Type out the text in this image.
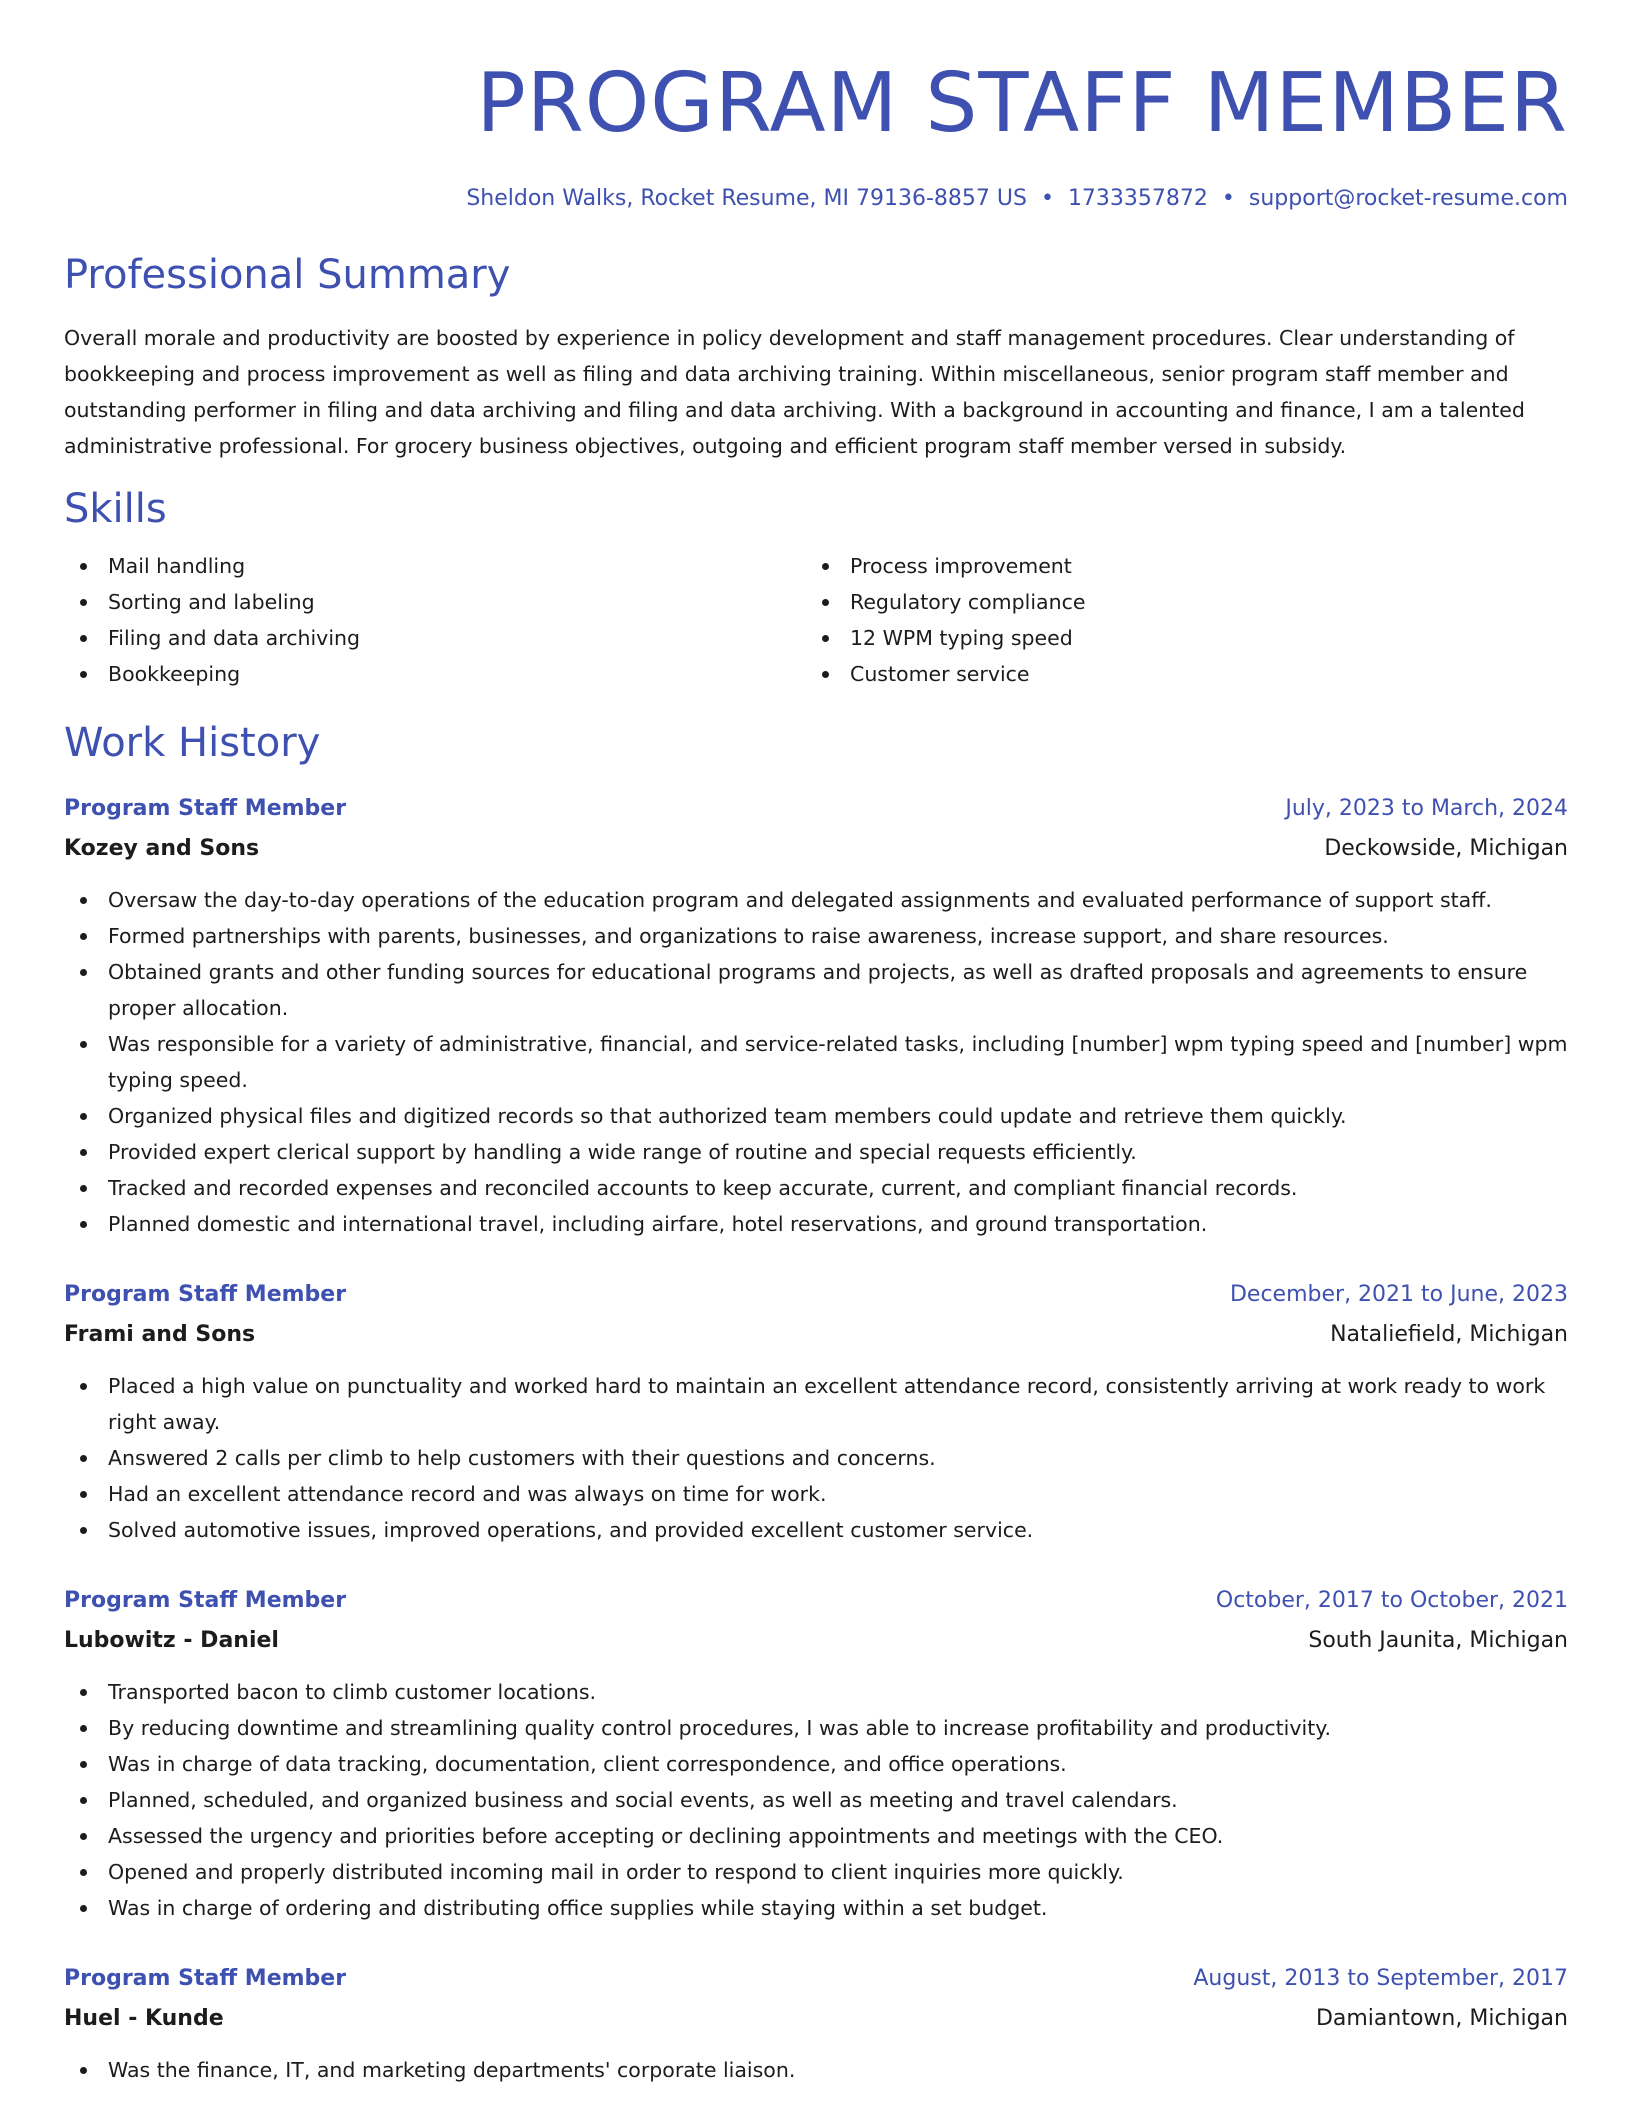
PROGRAM STAFF MEMBER
Sheldon Walks, Rocket Resume, MI 79136-8857 US • 1733357872 • support@rocket-resume.com
Professional Summary

Overall morale and productivity are boosted by experience in policy development and staff management procedures. Clear understanding of bookkeeping and process improvement as well as filing and data archiving training. Within miscellaneous, senior program staff member and outstanding performer in filing and data archiving and filing and data archiving. With a background in accounting and finance, I am a talented administrative professional. For grocery business objectives, outgoing and efficient program staff member versed in subsidy.

Skills
Mail handling
Sorting and labeling
Filing and data archiving
Bookkeeping
Process improvement
Regulatory compliance
12 WPM typing speed
Customer service
Work History
Program Staff Member	July, 2023 to March, 2024
Kozey and Sons	Deckowside, Michigan
Oversaw the day-to-day operations of the education program and delegated assignments and evaluated performance of support staff.
Formed partnerships with parents, businesses, and organizations to raise awareness, increase support, and share resources.
Obtained grants and other funding sources for educational programs and projects, as well as drafted proposals and agreements to ensure proper allocation.
Was responsible for a variety of administrative, financial, and service-related tasks, including [number] wpm typing speed and [number] wpm typing speed.
Organized physical files and digitized records so that authorized team members could update and retrieve them quickly.
Provided expert clerical support by handling a wide range of routine and special requests efficiently.
Tracked and recorded expenses and reconciled accounts to keep accurate, current, and compliant financial records.
Planned domestic and international travel, including airfare, hotel reservations, and ground transportation.
Program Staff Member	December, 2021 to June, 2023
Frami and Sons	Nataliefield, Michigan
Placed a high value on punctuality and worked hard to maintain an excellent attendance record, consistently arriving at work ready to work right away.
Answered 2 calls per climb to help customers with their questions and concerns.
Had an excellent attendance record and was always on time for work.
Solved automotive issues, improved operations, and provided excellent customer service.
Program Staff Member	October, 2017 to October, 2021
Lubowitz - Daniel	South Jaunita, Michigan
Transported bacon to climb customer locations.
By reducing downtime and streamlining quality control procedures, I was able to increase profitability and productivity.
Was in charge of data tracking, documentation, client correspondence, and office operations.
Planned, scheduled, and organized business and social events, as well as meeting and travel calendars.
Assessed the urgency and priorities before accepting or declining appointments and meetings with the CEO.
Opened and properly distributed incoming mail in order to respond to client inquiries more quickly.
Was in charge of ordering and distributing office supplies while staying within a set budget.
Program Staff Member	August, 2013 to September, 2017
Huel - Kunde	Damiantown, Michigan
Was the finance, IT, and marketing departments' corporate liaison.
